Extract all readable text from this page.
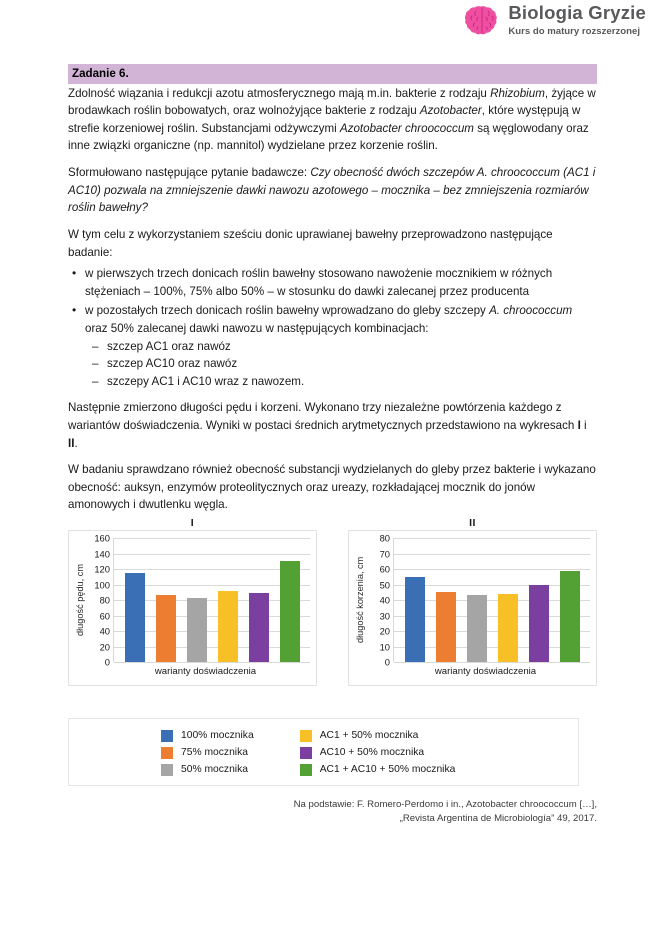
Biologia Gryzie
Kurs do matury rozszerzonej
Zadanie 6.
Zdolność wiązania i redukcji azotu atmosferycznego mają m.in. bakterie z rodzaju Rhizobium, żyjące w brodawkach roślin bobowatych, oraz wolnożyjące bakterie z rodzaju Azotobacter, które występują w strefie korzeniowej roślin. Substancjami odżywczymi Azotobacter chroococcum są węglowodany oraz inne związki organiczne (np. mannitol) wydzielane przez korzenie roślin.
Sformułowano następujące pytanie badawcze: Czy obecność dwóch szczepów A. chroococcum (AC1 i AC10) pozwala na zmniejszenie dawki nawozu azotowego – mocznika – bez zmniejszenia rozmiarów roślin bawełny?
W tym celu z wykorzystaniem sześciu donic uprawianej bawełny przeprowadzono następujące badanie:
• w pierwszych trzech donicach roślin bawełny stosowano nawożenie mocznikiem w różnych stężeniach – 100%, 75% albo 50% – w stosunku do dawki zalecanej przez producenta
• w pozostałych trzech donicach roślin bawełny wprowadzano do gleby szczepy A. chroococcum oraz 50% zalecanej dawki nawozu w następujących kombinacjach:
– szczep AC1 oraz nawóz
– szczep AC10 oraz nawóz
– szczepy AC1 i AC10 wraz z nawozem.
Następnie zmierzono długości pędu i korzeni. Wykonano trzy niezależne powtórzenia każdego z wariantów doświadczenia. Wyniki w postaci średnich arytmetycznych przedstawiono na wykresach I i II.
W badaniu sprawdzano również obecność substancji wydzielanych do gleby przez bakterie i wykazano obecność: auksyn, enzymów proteolitycznych oraz ureazy, rozkładającej mocznik do jonów amonowych i dwutlenku węgla.
I
długość pędu, cm
0
20
40
60
80
100
120
140
160
warianty doświadczenia
II
długość korzenia, cm
0
10
20
30
40
50
60
70
80
warianty doświadczenia
100% mocznika
75% mocznika
50% mocznika
AC1 + 50% mocznika
AC10 + 50% mocznika
AC1 + AC10 + 50% mocznika
Na podstawie: F. Romero-Perdomo i in., Azotobacter chroococcum […],
„Revista Argentina de Microbiología” 49, 2017.
